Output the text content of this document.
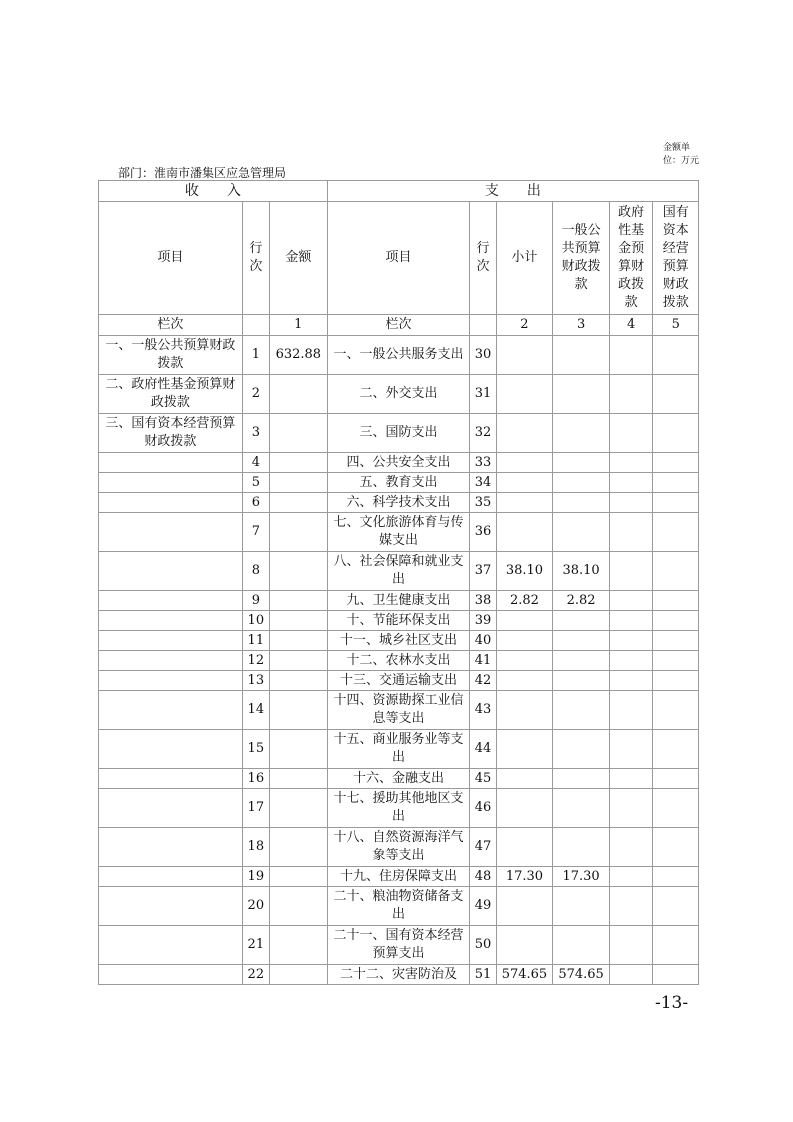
金额单位：万元
部门：淮南市潘集区应急管理局
收　　入			支　　出					
项目	行次	金额	项目	行次	小计	一般公共预算财政拨款	政府性基金预算财政拨款	国有资本经营预算财政拨款
栏次		1	栏次		2	3	4	5
一、一般公共预算财政拨款	1	632.88	一、一般公共服务支出	30				
二、政府性基金预算财政拨款	2		二、外交支出	31				
三、国有资本经营预算财政拨款	3		三、国防支出	32				
	4		四、公共安全支出	33				
	5		五、教育支出	34				
	6		六、科学技术支出	35				
	7		七、文化旅游体育与传媒支出	36				
	8		八、社会保障和就业支出	37	38.10	38.10		
	9		九、卫生健康支出	38	2.82	2.82		
	10		十、节能环保支出	39				
	11		十一、城乡社区支出	40				
	12		十二、农林水支出	41				
	13		十三、交通运输支出	42				
	14		十四、资源勘探工业信息等支出	43				
	15		十五、商业服务业等支出	44				
	16		十六、金融支出	45				
	17		十七、援助其他地区支出	46				
	18		十八、自然资源海洋气象等支出	47				
	19		十九、住房保障支出	48	17.30	17.30		
	20		二十、粮油物资储备支出	49				
	21		二十一、国有资本经营预算支出	50				
	22		二十二、灾害防治及	51	574.65	574.65		
-13-
